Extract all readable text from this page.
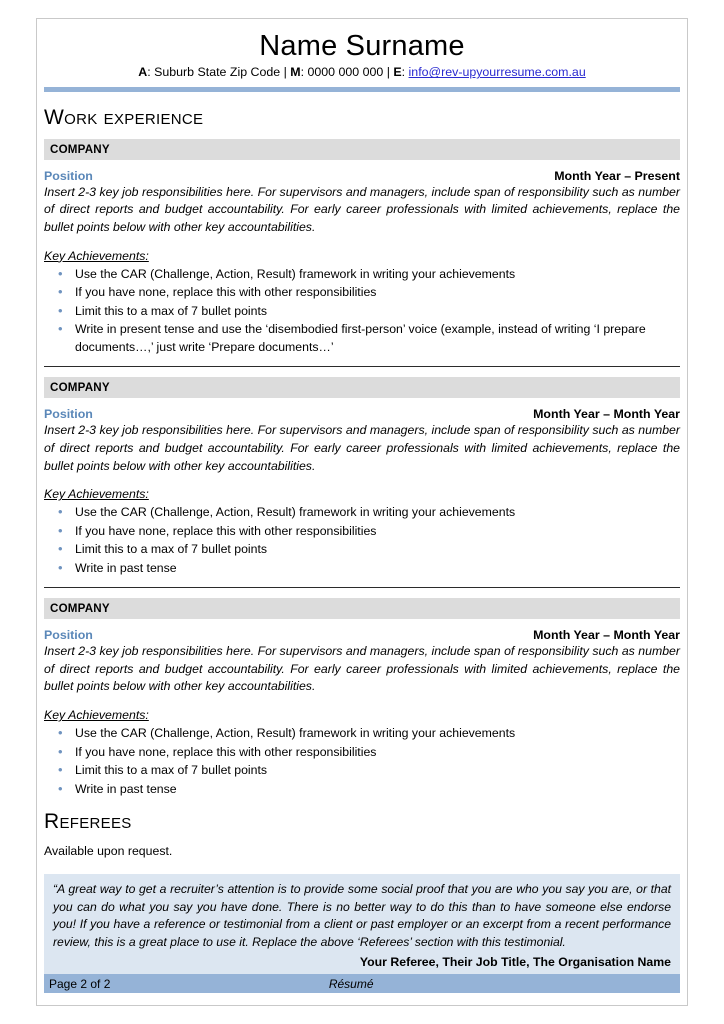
Name Surname
A: Suburb State Zip Code | M: 0000 000 000 | E: info@rev-upyourresume.com.au
Work experience
COMPANY
Position	Month Year – Present

Insert 2-3 key job responsibilities here. For supervisors and managers, include span of responsibility such as number of direct reports and budget accountability. For early career professionals with limited achievements, replace the bullet points below with other key accountabilities.

Key Achievements:
• Use the CAR (Challenge, Action, Result) framework in writing your achievements
• If you have none, replace this with other responsibilities
• Limit this to a max of 7 bullet points
• Write in present tense and use the ‘disembodied first-person’ voice (example, instead of writing ‘I prepare documents…,’ just write ‘Prepare documents…’
COMPANY
Position	Month Year – Month Year

Insert 2-3 key job responsibilities here. For supervisors and managers, include span of responsibility such as number of direct reports and budget accountability. For early career professionals with limited achievements, replace the bullet points below with other key accountabilities.

Key Achievements:
• Use the CAR (Challenge, Action, Result) framework in writing your achievements
• If you have none, replace this with other responsibilities
• Limit this to a max of 7 bullet points
• Write in past tense
COMPANY
Position	Month Year – Month Year

Insert 2-3 key job responsibilities here. For supervisors and managers, include span of responsibility such as number of direct reports and budget accountability. For early career professionals with limited achievements, replace the bullet points below with other key accountabilities.

Key Achievements:
• Use the CAR (Challenge, Action, Result) framework in writing your achievements
• If you have none, replace this with other responsibilities
• Limit this to a max of 7 bullet points
• Write in past tense
Referees

Available upon request.

“A great way to get a recruiter’s attention is to provide some social proof that you are who you say you are, or that you can do what you say you have done. There is no better way to do this than to have someone else endorse you! If you have a reference or testimonial from a client or past employer or an excerpt from a recent performance review, this is a great place to use it. Replace the above ‘Referees’ section with this testimonial.

Your Referee, Their Job Title, The Organisation Name
Page 2 of 2	Résumé
